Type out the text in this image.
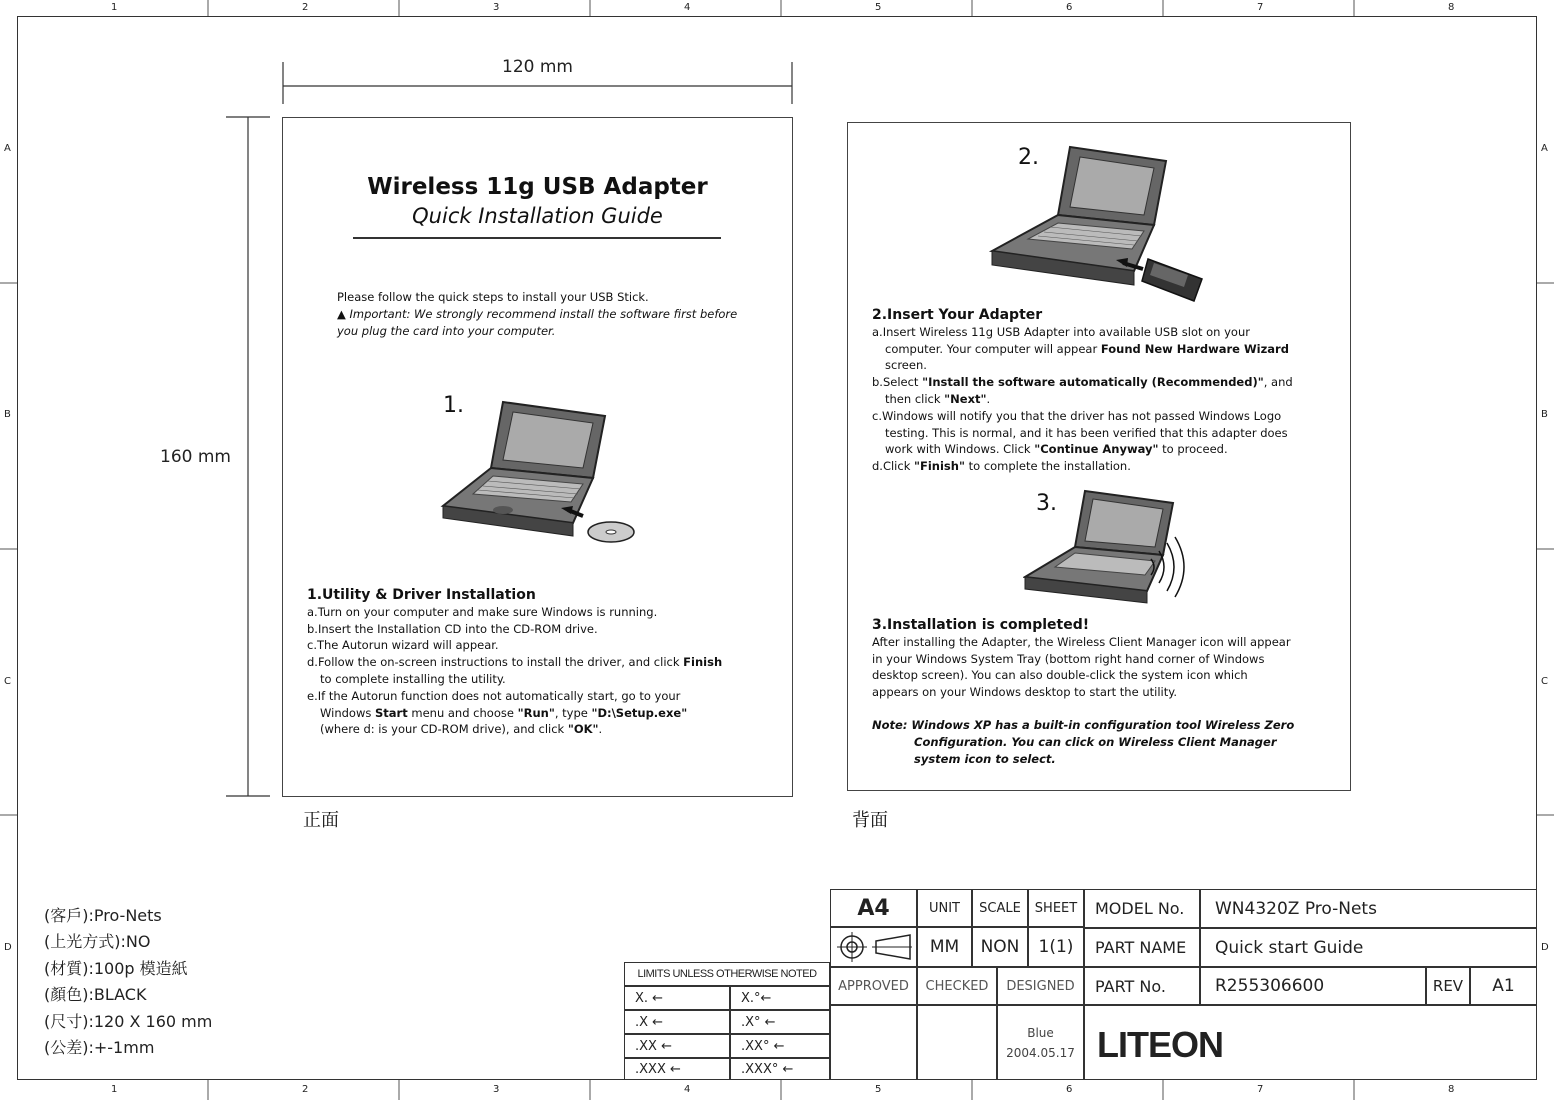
1	2	3	4	5	6	7	8
1	2	3	4	5	6	7	8
A
B
C
D
A
B
C
D
120 mm
160 mm
Wireless 11g USB Adapter
Quick Installation Guide

Please follow the quick steps to install your USB Stick.

▲ Important: We strongly recommend install the software first before you plug the card into your computer.

1.

1.Utility & Driver Installation

a.Turn on your computer and make sure Windows is running.

b.Insert the Installation CD into the CD-ROM drive.

c.The Autorun wizard will appear.

d.Follow the on-screen instructions to install the driver, and click Finish

to complete installing the utility.

e.If the Autorun function does not automatically start, go to your

Windows Start menu and choose "Run", type "D:\Setup.exe"

(where d: is your CD-ROM drive), and click "OK".

正面
2.

2.Insert Your Adapter

a.Insert Wireless 11g USB Adapter into available USB slot on your

computer. Your computer will appear Found New Hardware Wizard

screen.

b.Select "Install the software automatically (Recommended)", and

then click "Next".

c.Windows will notify you that the driver has not passed Windows Logo

testing. This is normal, and it has been verified that this adapter does

work with Windows. Click "Continue Anyway" to proceed.

d.Click "Finish" to complete the installation.

3.

3.Installation is completed!

After installing the Adapter, the Wireless Client Manager icon will appear

in your Windows System Tray (bottom right hand corner of Windows

desktop screen). You can also double-click the system icon which

appears on your Windows desktop to start the utility.

Note: Windows XP has a built-in configuration tool Wireless Zero

Configuration. You can click on Wireless Client Manager

system icon to select.

背面
(客戶):Pro-Nets
(上光方式):NO
(材質):100p 模造紙
(顏色):BLACK
(尺寸):120 X 160 mm
(公差):+-1mm
LIMITS UNLESS OTHERWISE NOTED
X. ←	X.°←
.X ←	.X° ←
.XX ←	.XX° ←
.XXX ←	.XXX° ←
A4	UNIT	SCALE	SHEET
MM	NON	1(1)
APPROVED	CHECKED	DESIGNED
Blue
2004.05.17
MODEL No.	WN4320Z Pro-Nets
PART NAME	Quick start Guide
PART No.	R255306600	REV	A1
LITEON
